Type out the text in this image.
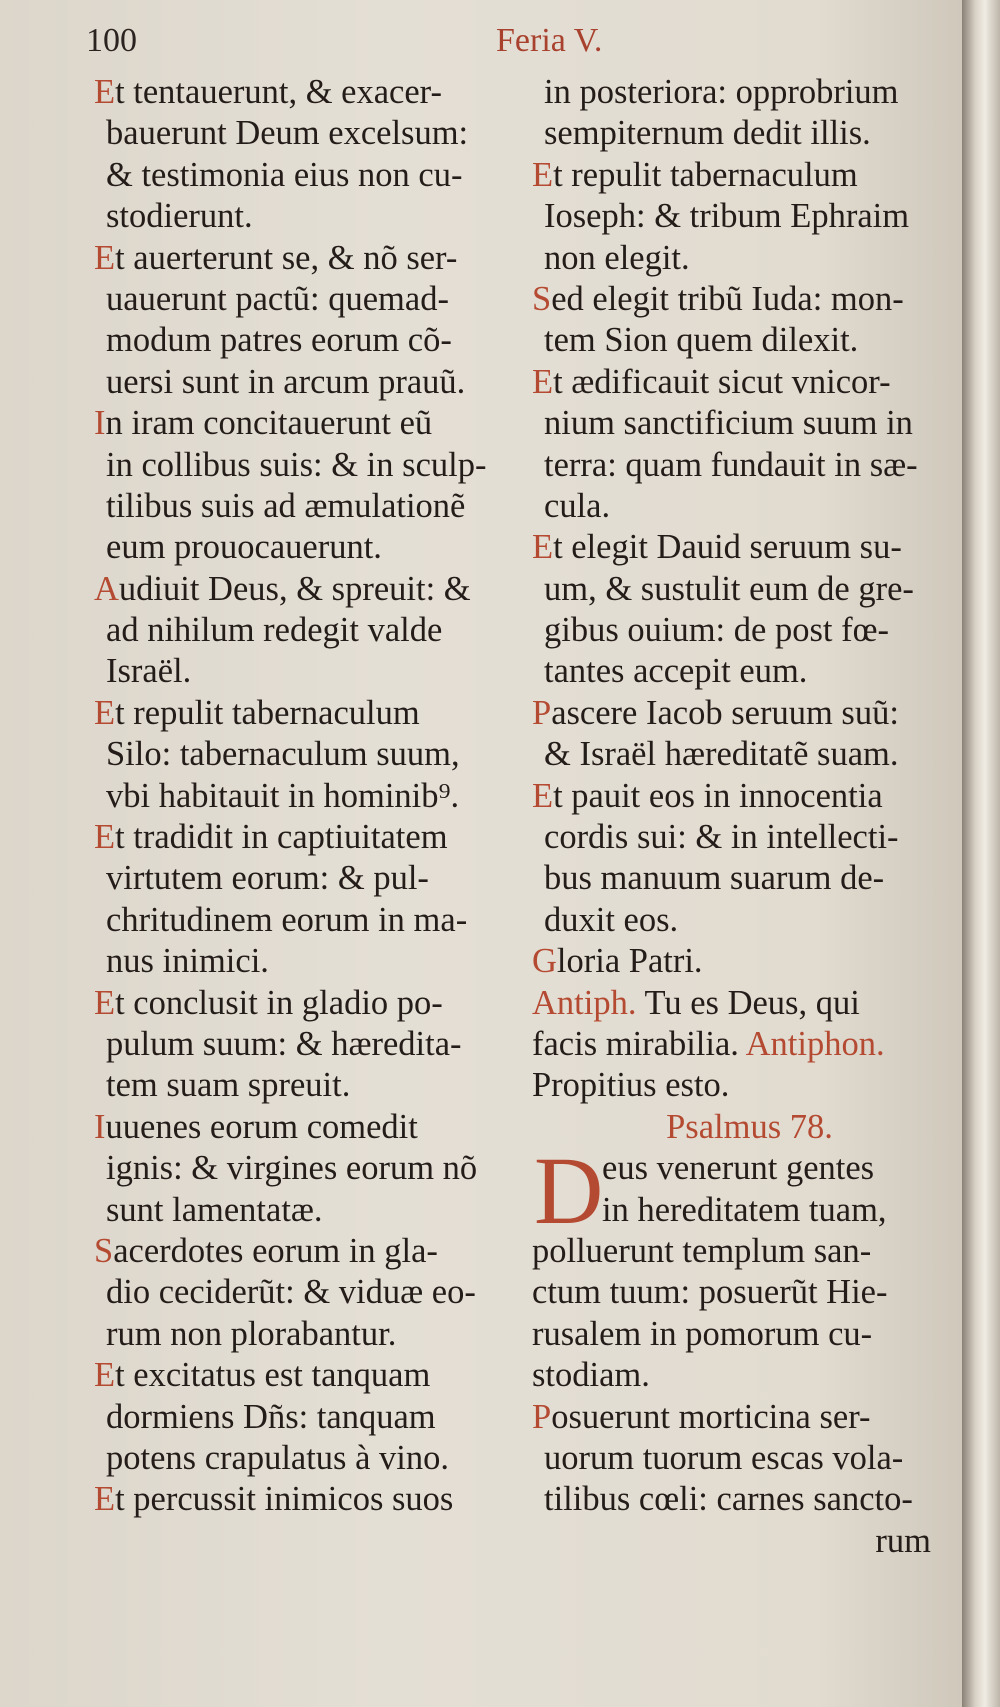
100	Feria V.
Et tentauerunt, & exacer-
bauerunt Deum excelsum:
& testimonia eius non cu-
stodierunt.
Et auerterunt se, & nõ ser-
uauerunt pactũ: quemad-
modum patres eorum cõ-
uersi sunt in arcum prauũ.
In iram concitauerunt eũ
in collibus suis: & in sculp-
tilibus suis ad æmulationẽ
eum prouocauerunt.
Audiuit Deus, & spreuit: &
ad nihilum redegit valde
Israël.
Et repulit tabernaculum
Silo: tabernaculum suum,
vbi habitauit in hominib⁹.
Et tradidit in captiuitatem
virtutem eorum: & pul-
chritudinem eorum in ma-
nus inimici.
Et conclusit in gladio po-
pulum suum: & hæredita-
tem suam spreuit.
Iuuenes eorum comedit
ignis: & virgines eorum nõ
sunt lamentatæ.
Sacerdotes eorum in gla-
dio ceciderũt: & viduæ eo-
rum non plorabantur.
Et excitatus est tanquam
dormiens Dñs: tanquam
potens crapulatus à vino.
Et percussit inimicos suos
in posteriora: opprobrium
sempiternum dedit illis.
Et repulit tabernaculum
Ioseph: & tribum Ephraim
non elegit.
Sed elegit tribũ Iuda: mon-
tem Sion quem dilexit.
Et ædificauit sicut vnicor-
nium sanctificium suum in
terra: quam fundauit in sæ-
cula.
Et elegit Dauid seruum su-
um, & sustulit eum de gre-
gibus ouium: de post fœ-
tantes accepit eum.
Pascere Iacob seruum suũ:
& Israël hæreditatẽ suam.
Et pauit eos in innocentia
cordis sui: & in intellecti-
bus manuum suarum de-
duxit eos.
Gloria Patri.
Antiph. Tu es Deus, qui
facis mirabilia. Antiphon.
Propitius esto.
Psalmus 78.
D
eus venerunt gentes
in hereditatem tuam,
polluerunt templum san-
ctum tuum: posuerũt Hie-
rusalem in pomorum cu-
stodiam.
Posuerunt morticina ser-
uorum tuorum escas vola-
tilibus cœli: carnes sancto-
rum
